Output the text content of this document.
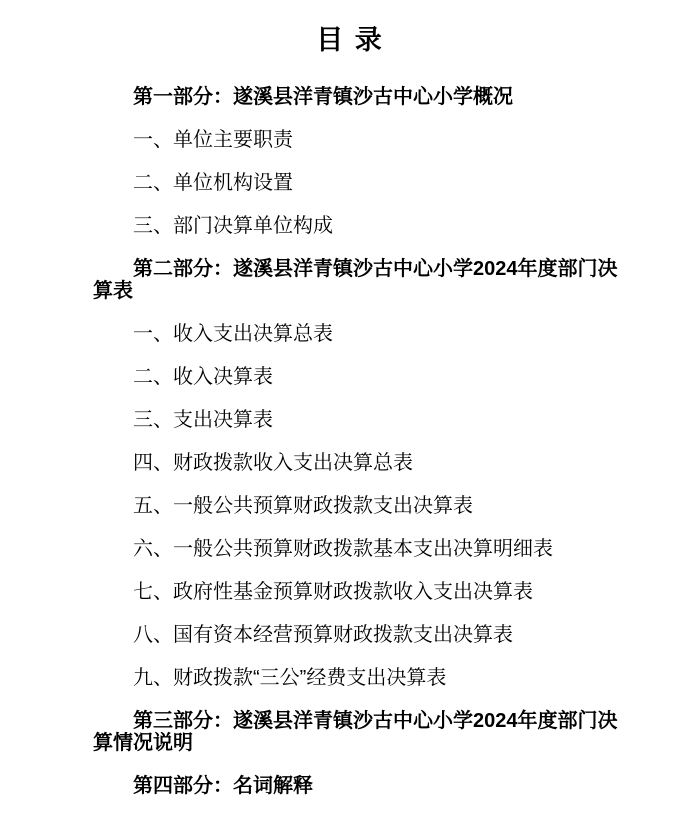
目 录

第一部分：遂溪县洋青镇沙古中心小学概况

一、单位主要职责

二、单位机构设置

三、部门决算单位构成

第二部分：遂溪县洋青镇沙古中心小学2024年度部门决算表

一、收入支出决算总表

二、收入决算表

三、支出决算表

四、财政拨款收入支出决算总表

五、一般公共预算财政拨款支出决算表

六、一般公共预算财政拨款基本支出决算明细表

七、政府性基金预算财政拨款收入支出决算表

八、国有资本经营预算财政拨款支出决算表

九、财政拨款“三公”经费支出决算表

第三部分：遂溪县洋青镇沙古中心小学2024年度部门决算情况说明

第四部分：名词解释
